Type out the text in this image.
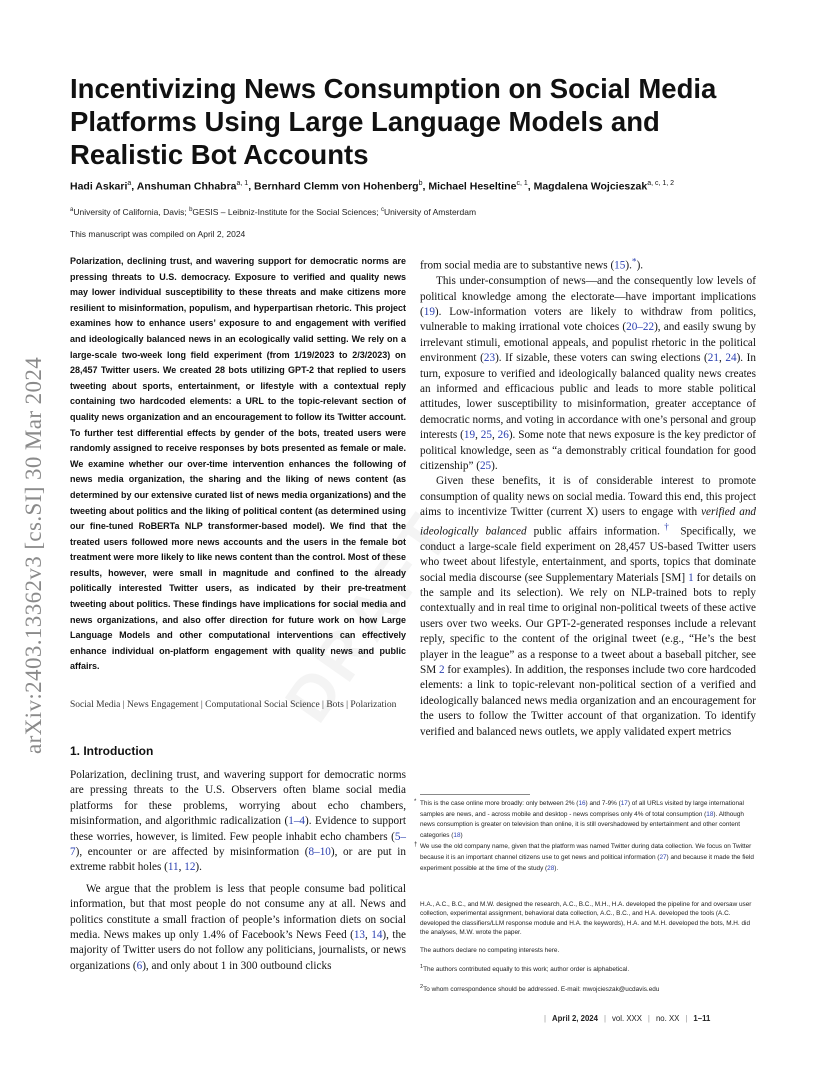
arXiv:2403.13362v3 [cs.SI] 30 Mar 2024
Incentivizing News Consumption on Social Media Platforms Using Large Language Models and Realistic Bot Accounts
Hadi Askari$^a$, Anshuman Chhabra$^{a, 1}$, Bernhard Clemm von Hohenberg$^b$, Michael Heseltine$^{c, 1}$, Magdalena Wojcieszak$^{a, c, 1, 2}$
$^a$University of California, Davis; $^b$GESIS – Leibniz-Institute for the Social Sciences; $^c$University of Amsterdam
This manuscript was compiled on April 2, 2024
Polarization, declining trust, and wavering support for democratic norms are pressing threats to U.S. democracy. Exposure to verified and quality news may lower individual susceptibility to these threats and make citizens more resilient to misinformation, populism, and hyperpartisan rhetoric. This project examines how to enhance users’ exposure to and engagement with verified and ideologically balanced news in an ecologically valid setting. We rely on a large-scale two-week long field experiment (from 1/19/2023 to 2/3/2023) on 28,457 Twitter users. We created 28 bots utilizing GPT-2 that replied to users tweeting about sports, entertainment, or lifestyle with a contextual reply containing two hardcoded elements: a URL to the topic-relevant section of quality news organization and an encouragement to follow its Twitter account. To further test differential effects by gender of the bots, treated users were randomly assigned to receive responses by bots presented as female or male. We examine whether our over-time intervention enhances the following of news media organization, the sharing and the liking of news content (as determined by our extensive curated list of news media organizations) and the tweeting about politics and the liking of political content (as determined using our fine-tuned RoBERTa NLP transformer-based model). We find that the treated users followed more news accounts and the users in the female bot treatment were more likely to like news content than the control. Most of these results, however, were small in magnitude and confined to the already politically interested Twitter users, as indicated by their pre-treatment tweeting about politics. These findings have implications for social media and news organizations, and also offer direction for future work on how Large Language Models and other computational interventions can effectively enhance individual on-platform engagement with quality news and public affairs.
Social Media | News Engagement | Computational Social Science | Bots | Polarization
1. Introduction

Polarization, declining trust, and wavering support for democratic norms are pressing threats to the U.S. Observers often blame social media platforms for these problems, worrying about echo chambers, misinformation, and algorithmic radicalization (1–4). Evidence to support these worries, however, is limited. Few people inhabit echo chambers (5–7), encounter or are affected by misinformation (8–10), or are put in extreme rabbit holes (11, 12).

We argue that the problem is less that people consume bad political information, but that most people do not consume any at all. News and politics constitute a small fraction of people’s information diets on social media. News makes up only 1.4% of Facebook’s News Feed (13, 14), the majority of Twitter users do not follow any politicians, journalists, or news organizations (6), and only about 1 in 300 outbound clicks

from social media are to substantive news (15).*).

This under-consumption of news—and the consequently low levels of political knowledge among the electorate—have important implications (19). Low-information voters are likely to withdraw from politics, vulnerable to making irrational vote choices (20–22), and easily swung by irrelevant stimuli, emotional appeals, and populist rhetoric in the political environment (23). If sizable, these voters can swing elections (21, 24). In turn, exposure to verified and ideologically balanced quality news creates an informed and efficacious public and leads to more stable political attitudes, lower susceptibility to misinformation, greater acceptance of democratic norms, and voting in accordance with one’s personal and group interests (19, 25, 26). Some note that news exposure is the key predictor of political knowledge, seen as “a demonstrably critical foundation for good citizenship” (25).

Given these benefits, it is of considerable interest to promote consumption of quality news on social media. Toward this end, this project aims to incentivize Twitter (current X) users to engage with verified and ideologically balanced public affairs information.† Specifically, we conduct a large-scale field experiment on 28,457 US-based Twitter users who tweet about lifestyle, entertainment, and sports, topics that dominate social media discourse (see Supplementary Materials [SM] 1 for details on the sample and its selection). We rely on NLP-trained bots to reply contextually and in real time to original non-political tweets of these active users over two weeks. Our GPT-2-generated responses include a relevant reply, specific to the content of the original tweet (e.g., “He’s the best player in the league” as a response to a tweet about a baseball pitcher, see SM 2 for examples). In addition, the responses include two core hardcoded elements: a link to topic-relevant non-political section of a verified and ideologically balanced news media organization and an encouragement for the users to follow the Twitter account of that organization. To identify verified and balanced news outlets, we apply validated expert metrics

* This is the case online more broadly: only between 2% (16) and 7-9% (17) of all URLs visited by large international samples are news, and - across mobile and desktop - news comprises only 4% of total consumption (18). Although news consumption is greater on television than online, it is still overshadowed by entertainment and other content categories (18)
† We use the old company name, given that the platform was named Twitter during data collection. We focus on Twitter because it is an important channel citizens use to get news and political information (27) and because it made the field experiment possible at the time of the study (28).

H.A., A.C., B.C., and M.W. designed the research, A.C., B.C., M.H., H.A. developed the pipeline for and oversaw user collection, experimental assignment, behavioral data collection, A.C., B.C., and H.A. developed the tools (A.C. developed the classifiers/LLM response module and H.A. the keywords), H.A. and M.H. developed the bots, M.H. did the analyses, M.W. wrote the paper.

The authors declare no competing interests here.

1The authors contributed equally to this work; author order is alphabetical.

2To whom correspondence should be addressed. E-mail: mwojcieszak@ucdavis.edu

| April 2, 2024 | vol. XXX | no. XX | 1–11
